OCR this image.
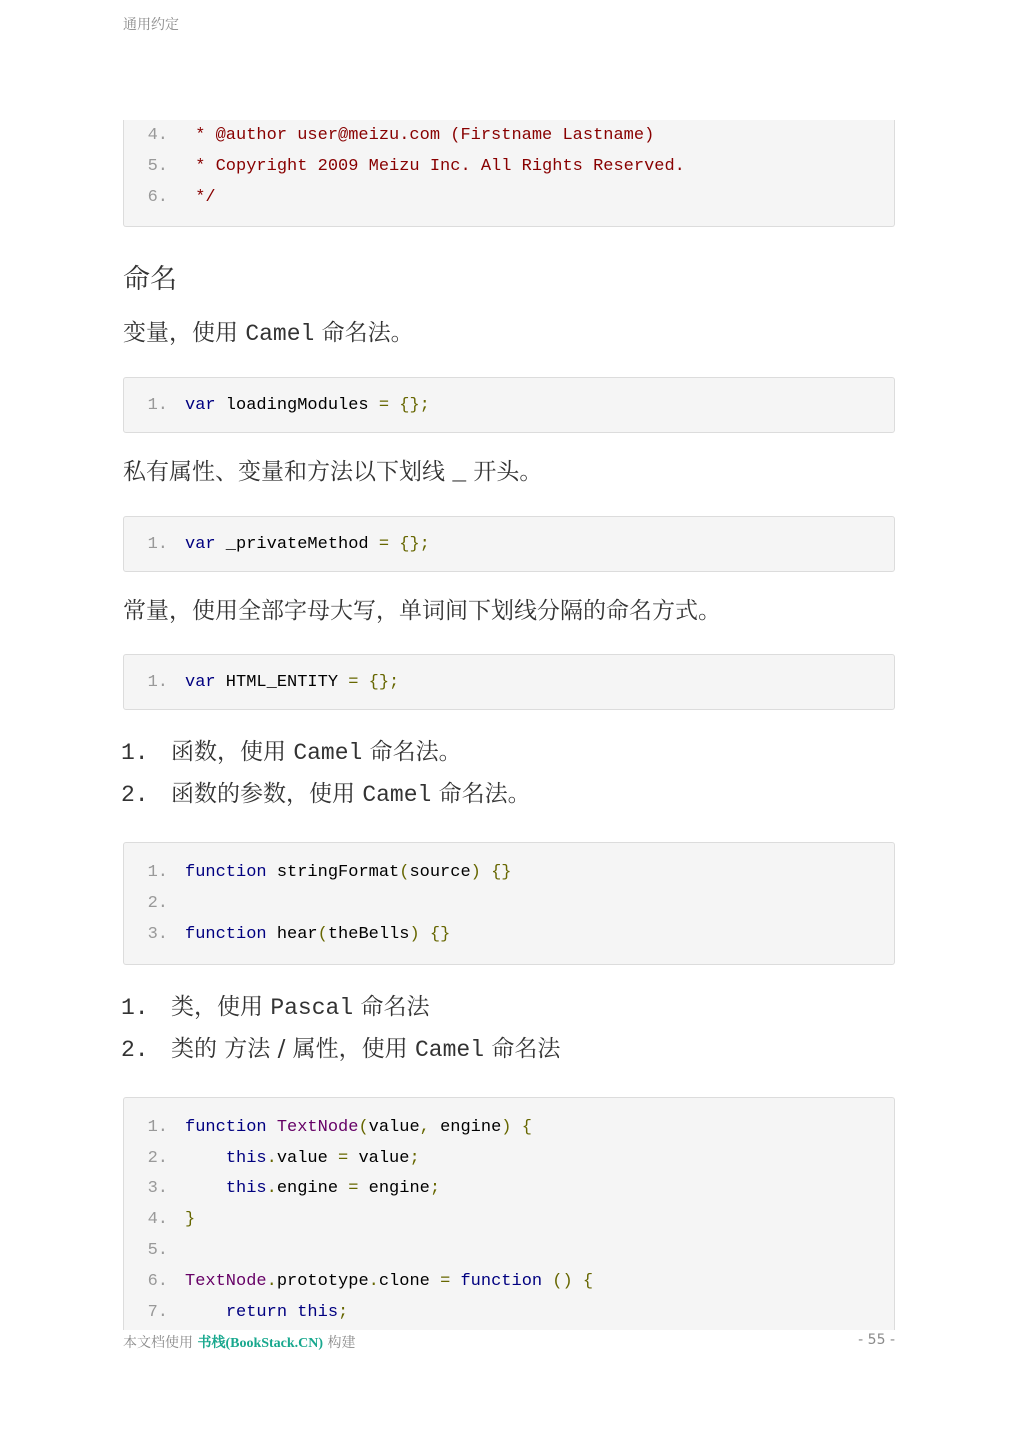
通用约定
4. * @author user@meizu.com (Firstname Lastname)
5. * Copyright 2009 Meizu Inc. All Rights Reserved.
6. */
命名
变量，使用 Camel 命名法。
1. var loadingModules = {};
私有属性、变量和方法以下划线 _ 开头。
1. var _privateMethod = {};
常量，使用全部字母大写，单词间下划线分隔的命名方式。
1. var HTML_ENTITY = {};
1. 函数，使用 Camel 命名法。
2. 函数的参数，使用 Camel 命名法。
1. function stringFormat(source) {}
2.
3. function hear(theBells) {}
1. 类，使用 Pascal 命名法
2. 类的 方法 / 属性，使用 Camel 命名法
1. function TextNode(value, engine) {
2.	this.value = value;
3.	this.engine = engine;
4. }
5.
6. TextNode.prototype.clone = function () {
7.	return this;
本文档使用 书栈(BookStack.CN) 构建	- 55 -
